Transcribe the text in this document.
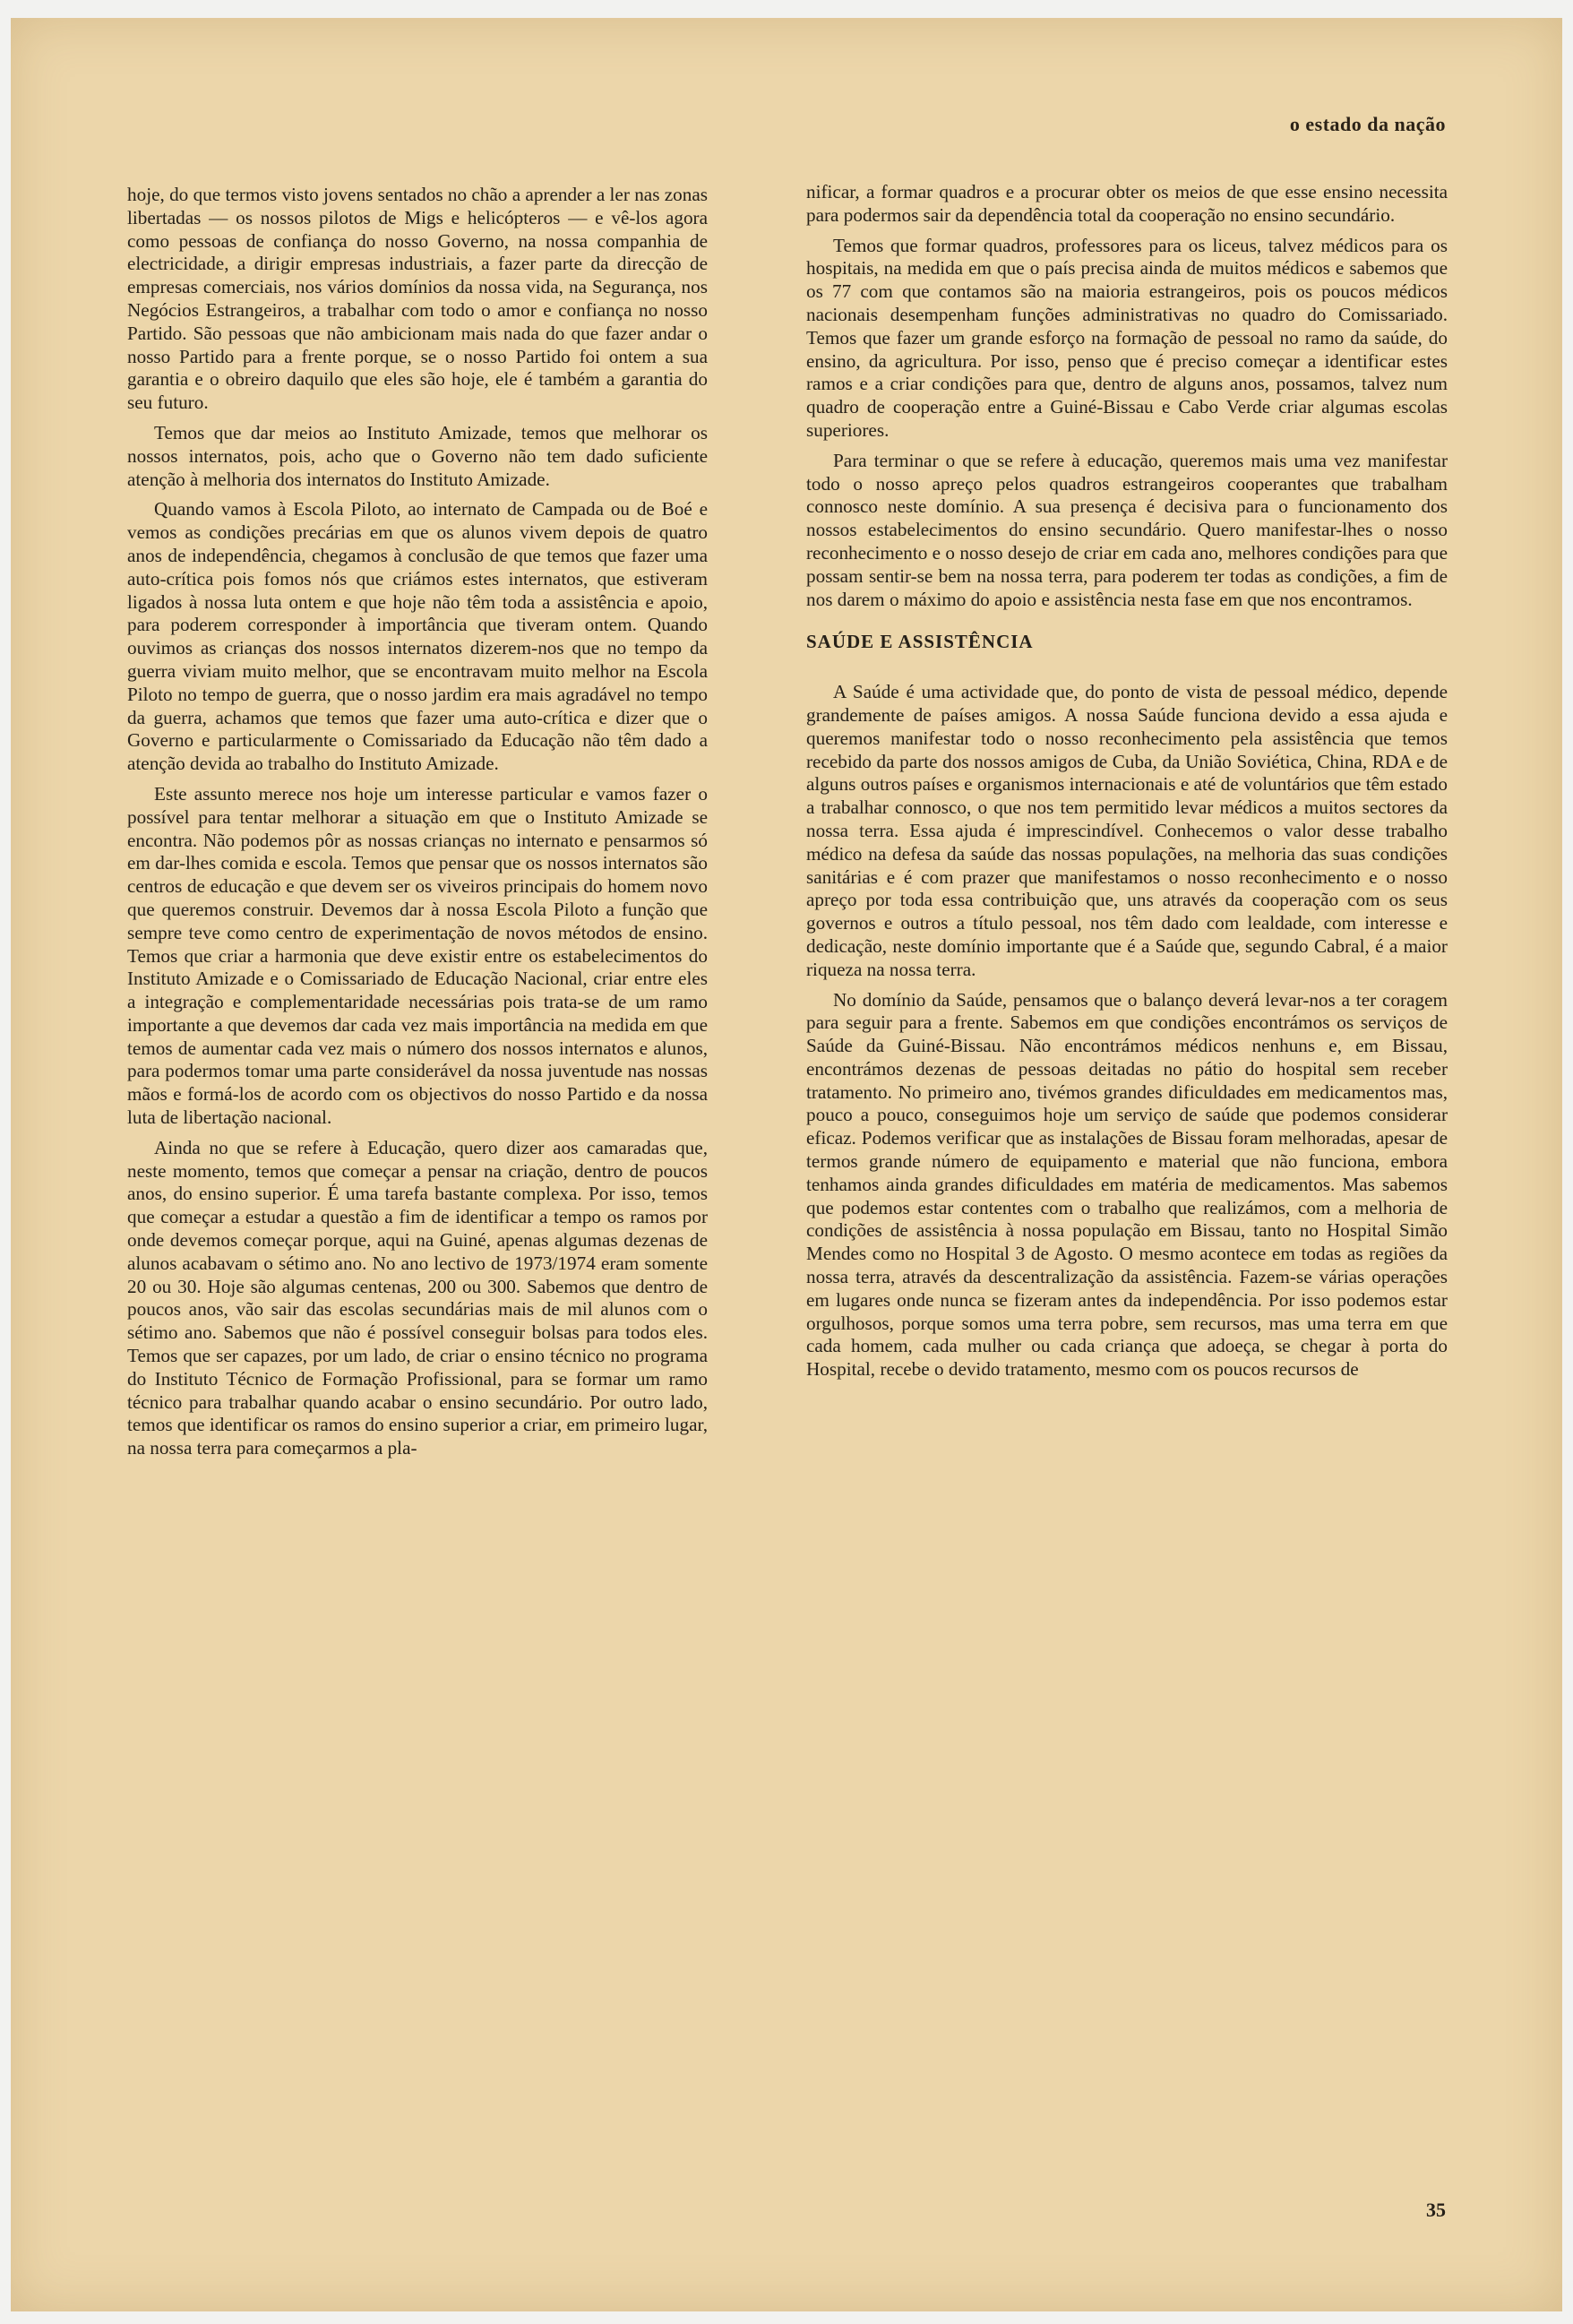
o estado da nação

hoje, do que termos visto jovens sentados no chão a aprender a ler nas zonas libertadas — os nossos pilotos de Migs e helicópteros — e vê-los agora como pessoas de confiança do nosso Governo, na nossa companhia de electricidade, a dirigir empresas industriais, a fazer parte da direcção de empresas comerciais, nos vários domínios da nossa vida, na Segurança, nos Negócios Estrangeiros, a trabalhar com todo o amor e confiança no nosso Partido. São pessoas que não ambicionam mais nada do que fazer andar o nosso Partido para a frente porque, se o nosso Partido foi ontem a sua garantia e o obreiro daquilo que eles são hoje, ele é também a garantia do seu futuro.

Temos que dar meios ao Instituto Amizade, temos que melhorar os nossos internatos, pois, acho que o Governo não tem dado suficiente atenção à melhoria dos internatos do Instituto Amizade.

Quando vamos à Escola Piloto, ao internato de Campada ou de Boé e vemos as condições precárias em que os alunos vivem depois de quatro anos de independência, chegamos à conclusão de que temos que fazer uma auto-crítica pois fomos nós que criámos estes internatos, que estiveram ligados à nossa luta ontem e que hoje não têm toda a assistência e apoio, para poderem corresponder à importância que tiveram ontem. Quando ouvimos as crianças dos nossos internatos dizerem-nos que no tempo da guerra viviam muito melhor, que se encontravam muito melhor na Escola Piloto no tempo de guerra, que o nosso jardim era mais agradável no tempo da guerra, achamos que temos que fazer uma auto-crítica e dizer que o Governo e particularmente o Comissariado da Educação não têm dado a atenção devida ao trabalho do Instituto Amizade.

Este assunto merece nos hoje um interesse particular e vamos fazer o possível para tentar melhorar a situação em que o Instituto Amizade se encontra. Não podemos pôr as nossas crianças no internato e pensarmos só em dar-lhes comida e escola. Temos que pensar que os nossos internatos são centros de educação e que devem ser os viveiros principais do homem novo que queremos construir. Devemos dar à nossa Escola Piloto a função que sempre teve como centro de experimentação de novos métodos de ensino. Temos que criar a harmonia que deve existir entre os estabelecimentos do Instituto Amizade e o Comissariado de Educação Nacional, criar entre eles a integração e complementaridade necessárias pois trata-se de um ramo importante a que devemos dar cada vez mais importância na medida em que temos de aumentar cada vez mais o número dos nossos internatos e alunos, para podermos tomar uma parte considerável da nossa juventude nas nossas mãos e formá-los de acordo com os objectivos do nosso Partido e da nossa luta de libertação nacional.

Ainda no que se refere à Educação, quero dizer aos camaradas que, neste momento, temos que começar a pensar na criação, dentro de poucos anos, do ensino superior. É uma tarefa bastante complexa. Por isso, temos que começar a estudar a questão a fim de identificar a tempo os ramos por onde devemos começar porque, aqui na Guiné, apenas algumas dezenas de alunos acabavam o sétimo ano. No ano lectivo de 1973/1974 eram somente 20 ou 30. Hoje são algumas centenas, 200 ou 300. Sabemos que dentro de poucos anos, vão sair das escolas secundárias mais de mil alunos com o sétimo ano. Sabemos que não é possível conseguir bolsas para todos eles. Temos que ser capazes, por um lado, de criar o ensino técnico no programa do Instituto Técnico de Formação Profissional, para se formar um ramo técnico para trabalhar quando acabar o ensino secundário. Por outro lado, temos que identificar os ramos do ensino superior a criar, em primeiro lugar, na nossa terra para começarmos a pla-

nificar, a formar quadros e a procurar obter os meios de que esse ensino necessita para podermos sair da dependência total da cooperação no ensino secundário.

Temos que formar quadros, professores para os liceus, talvez médicos para os hospitais, na medida em que o país precisa ainda de muitos médicos e sabemos que os 77 com que contamos são na maioria estrangeiros, pois os poucos médicos nacionais desempenham funções administrativas no quadro do Comissariado. Temos que fazer um grande esforço na formação de pessoal no ramo da saúde, do ensino, da agricultura. Por isso, penso que é preciso começar a identificar estes ramos e a criar condições para que, dentro de alguns anos, possamos, talvez num quadro de cooperação entre a Guiné-Bissau e Cabo Verde criar algumas escolas superiores.

Para terminar o que se refere à educação, queremos mais uma vez manifestar todo o nosso apreço pelos quadros estrangeiros cooperantes que trabalham connosco neste domínio. A sua presença é decisiva para o funcionamento dos nossos estabelecimentos do ensino secundário. Quero manifestar-lhes o nosso reconhecimento e o nosso desejo de criar em cada ano, melhores condições para que possam sentir-se bem na nossa terra, para poderem ter todas as condições, a fim de nos darem o máximo do apoio e assistência nesta fase em que nos encontramos.

SAÚDE E ASSISTÊNCIA

A Saúde é uma actividade que, do ponto de vista de pessoal médico, depende grandemente de países amigos. A nossa Saúde funciona devido a essa ajuda e queremos manifestar todo o nosso reconhecimento pela assistência que temos recebido da parte dos nossos amigos de Cuba, da União Soviética, China, RDA e de alguns outros países e organismos internacionais e até de voluntários que têm estado a trabalhar connosco, o que nos tem permitido levar médicos a muitos sectores da nossa terra. Essa ajuda é imprescindível. Conhecemos o valor desse trabalho médico na defesa da saúde das nossas populações, na melhoria das suas condições sanitárias e é com prazer que manifestamos o nosso reconhecimento e o nosso apreço por toda essa contribuição que, uns através da cooperação com os seus governos e outros a título pessoal, nos têm dado com lealdade, com interesse e dedicação, neste domínio importante que é a Saúde que, segundo Cabral, é a maior riqueza na nossa terra.

No domínio da Saúde, pensamos que o balanço deverá levar-nos a ter coragem para seguir para a frente. Sabemos em que condições encontrámos os serviços de Saúde da Guiné-Bissau. Não encontrámos médicos nenhuns e, em Bissau, encontrámos dezenas de pessoas deitadas no pátio do hospital sem receber tratamento. No primeiro ano, tivémos grandes dificuldades em medicamentos mas, pouco a pouco, conseguimos hoje um serviço de saúde que podemos considerar eficaz. Podemos verificar que as instalações de Bissau foram melhoradas, apesar de termos grande número de equipamento e material que não funciona, embora tenhamos ainda grandes dificuldades em matéria de medicamentos. Mas sabemos que podemos estar contentes com o trabalho que realizámos, com a melhoria de condições de assistência à nossa população em Bissau, tanto no Hospital Simão Mendes como no Hospital 3 de Agosto. O mesmo acontece em todas as regiões da nossa terra, através da descentralização da assistência. Fazem-se várias operações em lugares onde nunca se fizeram antes da independência. Por isso podemos estar orgulhosos, porque somos uma terra pobre, sem recursos, mas uma terra em que cada homem, cada mulher ou cada criança que adoeça, se chegar à porta do Hospital, recebe o devido tratamento, mesmo com os poucos recursos de

35
